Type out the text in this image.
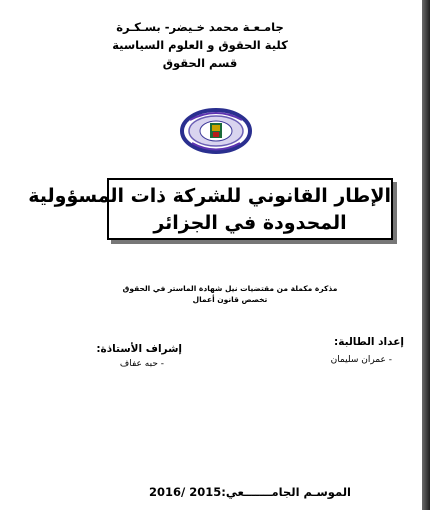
جامـعـة محمد خـيضر- بسـكـرة
كلية الحقوق و العلوم السياسية
قسم الحقوق
الإطار القانوني للشركة ذات المسؤولية
المحدودة في الجزائر
مذكرة مكملة من مقتضيات نيل شهادة الماستر في الحقوق
تخصص قانون أعمال
إعداد الطالبة:
- عمران سليمان
إشراف الأستاذة:
- حبه عفاف
الموسـم الجامـــــــعي:2015 /2016
